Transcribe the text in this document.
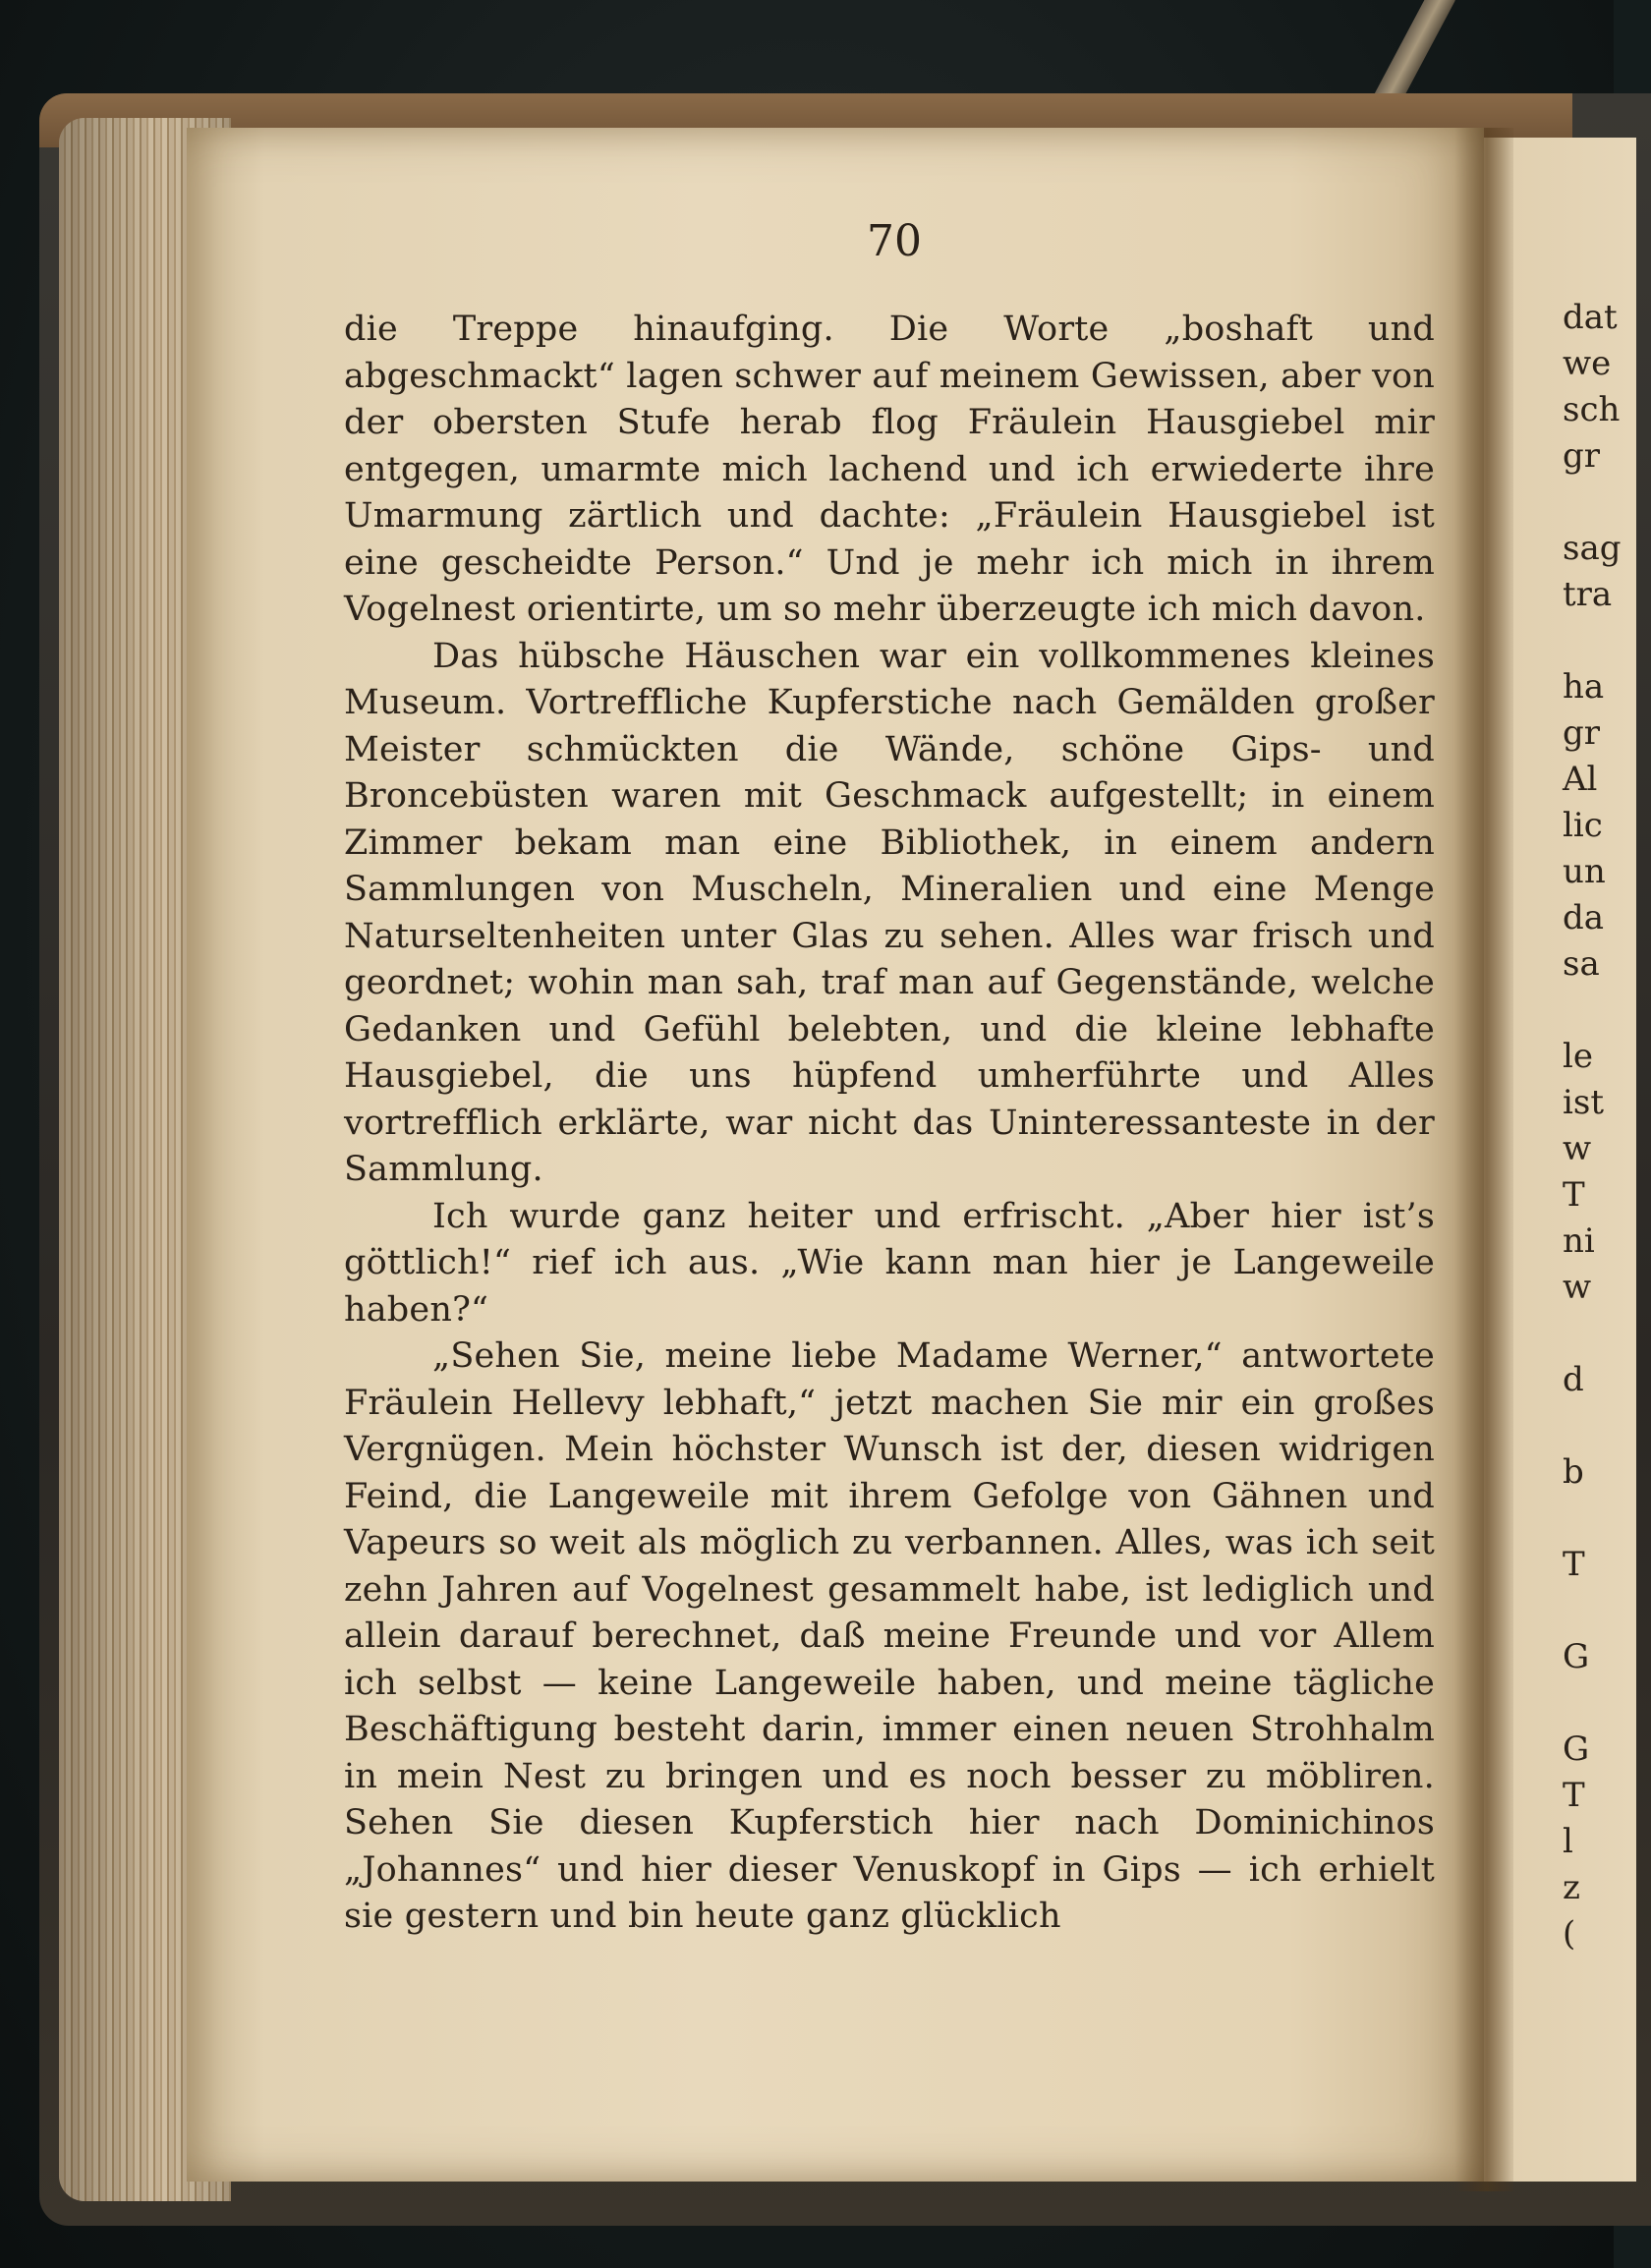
70
die Treppe hinaufging. Die Worte „boshaft und abgeschmackt“ lagen schwer auf meinem Gewissen, aber von der obersten Stufe herab flog Fräulein Hausgiebel mir entgegen, umarmte mich lachend und ich erwiederte ihre Umarmung zärtlich und dachte: „Fräulein Hausgiebel ist eine gescheidte Person.“ Und je mehr ich mich in ihrem Vogelnest orientirte, um so mehr überzeugte ich mich davon.
Das hübsche Häuschen war ein vollkommenes kleines Museum. Vortreffliche Kupferstiche nach Gemälden großer Meister schmückten die Wände, schöne Gips- und Broncebüsten waren mit Geschmack aufgestellt; in einem Zimmer bekam man eine Bibliothek, in einem andern Sammlungen von Muscheln, Mineralien und eine Menge Naturseltenheiten unter Glas zu sehen. Alles war frisch und geordnet; wohin man sah, traf man auf Gegenstände, welche Gedanken und Gefühl belebten, und die kleine lebhafte Hausgiebel, die uns hüpfend umherführte und Alles vortrefflich erklärte, war nicht das Uninteressanteste in der Sammlung.
Ich wurde ganz heiter und erfrischt. „Aber hier ist’s göttlich!“ rief ich aus. „Wie kann man hier je Langeweile haben?“
„Sehen Sie, meine liebe Madame Werner,“ antwortete Fräulein Hellevy lebhaft,“ jetzt machen Sie mir ein großes Vergnügen. Mein höchster Wunsch ist der, diesen widrigen Feind, die Langeweile mit ihrem Gefolge von Gähnen und Vapeurs so weit als möglich zu verbannen. Alles, was ich seit zehn Jahren auf Vogelnest gesammelt habe, ist lediglich und allein darauf berechnet, daß meine Freunde und vor Allem ich selbst — keine Langeweile haben, und meine tägliche Beschäftigung besteht darin, immer einen neuen Strohhalm in mein Nest zu bringen und es noch besser zu möbliren. Sehen Sie diesen Kupferstich hier nach Dominichinos „Johannes“ und hier dieser Venuskopf in Gips — ich erhielt sie gestern und bin heute ganz glücklich
dat
we
sch
gr
sag
tra
ha
gr
Al
lic
un
da
sa
le
ist
w
T
ni
w
d
b
T
G
G
T
l
z
(
